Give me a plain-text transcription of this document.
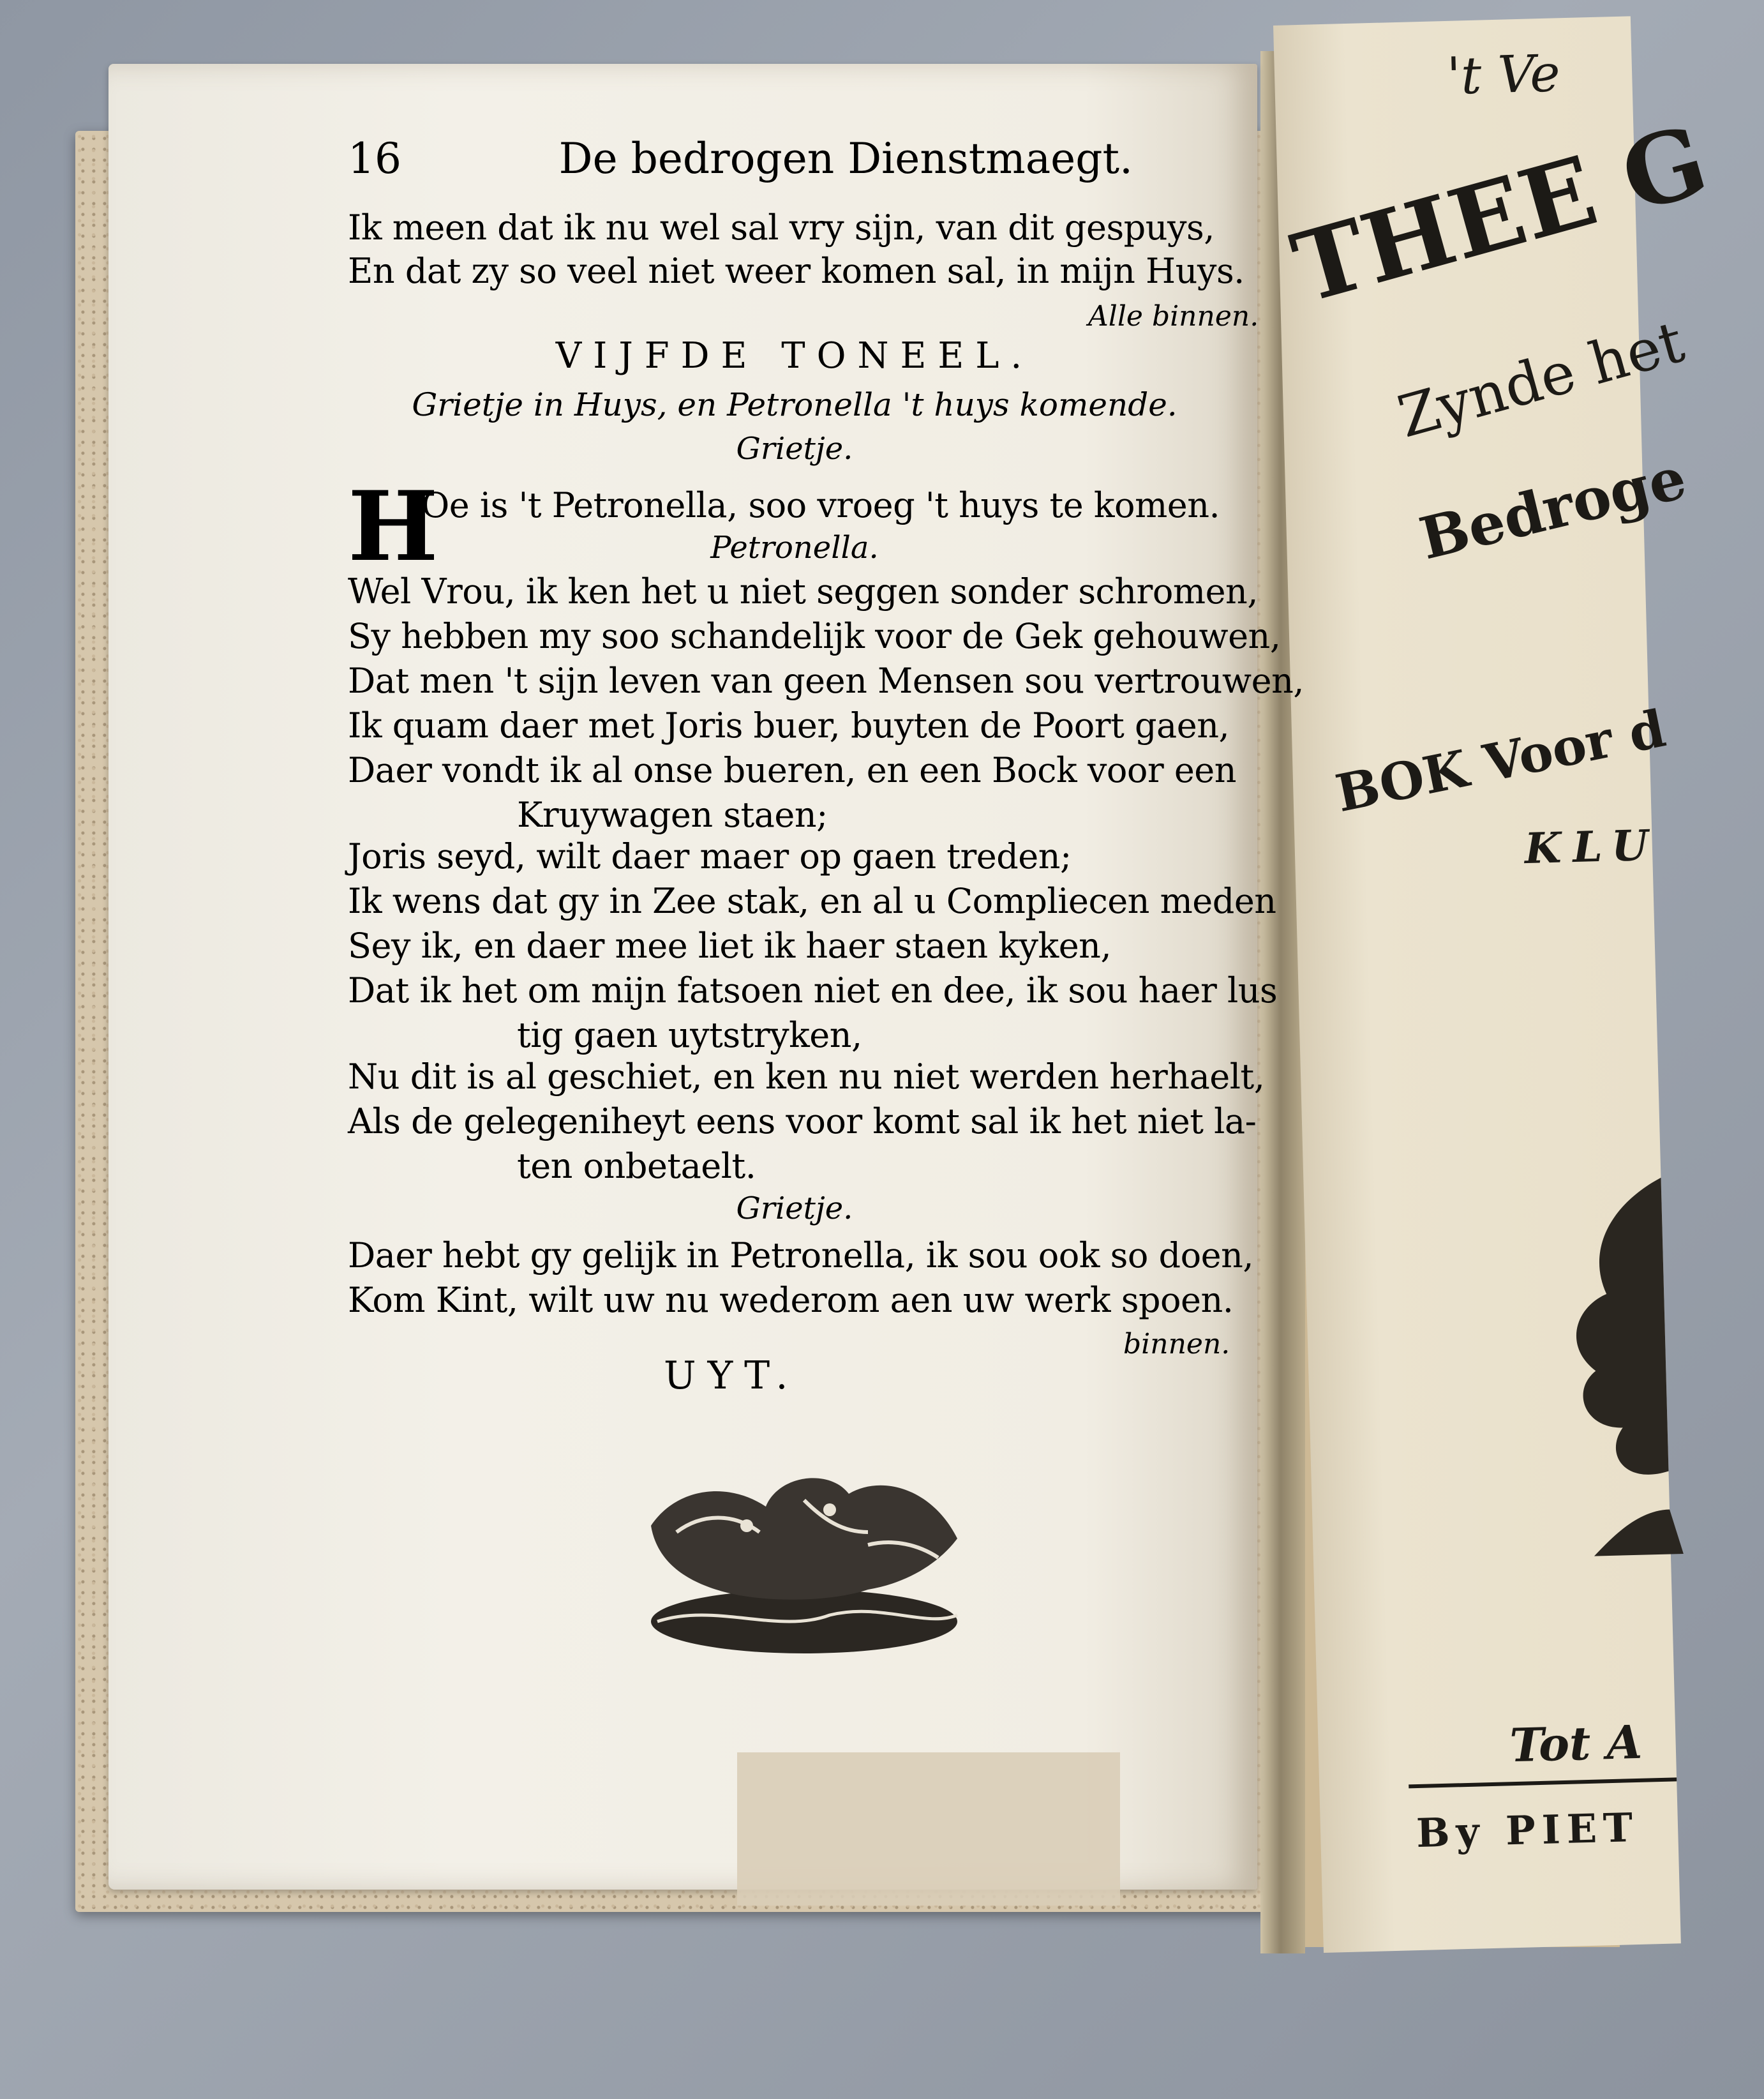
't Ve
THEE G
Zynde het
Bedroge
BOK Voor d
KLU
Tot A
By PIET
16	De bedrogen Dienstmaegt.
Ik meen dat ik nu wel sal vry sijn, van dit gespuys,
En dat zy so veel niet weer komen sal, in mijn Huys.
Alle binnen.
VIJFDE TONEEL.
Grietje in Huys, en Petronella 't huys komende.
Grietje.
H
Oe is 't Petronella, soo vroeg 't huys te komen.
Petronella.
Wel Vrou, ik ken het u niet seggen sonder schromen,
Sy hebben my soo schandelijk voor de Gek gehouwen,
Dat men 't sijn leven van geen Mensen sou vertrouwen,
Ik quam daer met Joris buer, buyten de Poort gaen,
Daer vondt ik al onse bueren, en een Bock voor een
Kruywagen staen;
Joris seyd, wilt daer maer op gaen treden;
Ik wens dat gy in Zee stak, en al u Compliecen meden
Sey ik, en daer mee liet ik haer staen kyken,
Dat ik het om mijn fatsoen niet en dee, ik sou haer lus
tig gaen uytstryken,
Nu dit is al geschiet, en ken nu niet werden herhaelt,
Als de gelegeniheyt eens voor komt sal ik het niet la-
ten onbetaelt.
Grietje.
Daer hebt gy gelijk in Petronella, ik sou ook so doen,
Kom Kint, wilt uw nu wederom aen uw werk spoen.
binnen.
UYT.
